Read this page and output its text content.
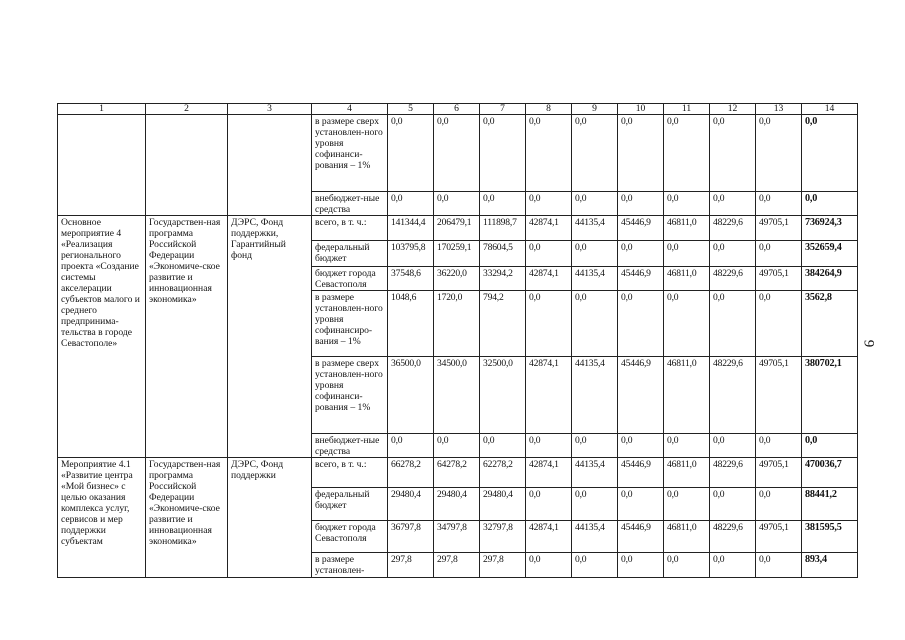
9
1	2	3	4	5	6	7	8	9	10	11	12	13	14
			в размере сверх установлен-ного уровня софинанси-рования – 1%	0,0	0,0	0,0	0,0	0,0	0,0	0,0	0,0	0,0	0,0
			внебюджет-ные средства	0,0	0,0	0,0	0,0	0,0	0,0	0,0	0,0	0,0	0,0
Основное мероприятие 4 «Реализация регионального проекта «Создание системы акселерации субъектов малого и среднего предпринима-тельства в городе Севастополе»	Государствен-ная программа Российской Федерации «Экономиче-ское развитие и инновационная экономика»	ДЭРС, Фонд поддержки, Гарантийный фонд	всего, в т. ч.:	141344,4	206479,1	111898,7	42874,1	44135,4	45446,9	46811,0	48229,6	49705,1	736924,3
			федеральный бюджет	103795,8	170259,1	78604,5	0,0	0,0	0,0	0,0	0,0	0,0	352659,4
			бюджет города Севастополя	37548,6	36220,0	33294,2	42874,1	44135,4	45446,9	46811,0	48229,6	49705,1	384264,9
			в размере установлен-ного уровня софинансиро-вания – 1%	1048,6	1720,0	794,2	0,0	0,0	0,0	0,0	0,0	0,0	3562,8
			в размере сверх установлен-ного уровня софинанси-рования – 1%	36500,0	34500,0	32500,0	42874,1	44135,4	45446,9	46811,0	48229,6	49705,1	380702,1
			внебюджет-ные средства	0,0	0,0	0,0	0,0	0,0	0,0	0,0	0,0	0,0	0,0
Мероприятие 4.1 «Развитие центра «Мой бизнес» с целью оказания комплекса услуг, сервисов и мер поддержки субъектам	Государствен-ная программа Российской Федерации «Экономиче-ское развитие и инновационная экономика»	ДЭРС, Фонд поддержки	всего, в т. ч.:	66278,2	64278,2	62278,2	42874,1	44135,4	45446,9	46811,0	48229,6	49705,1	470036,7
			федеральный бюджет	29480,4	29480,4	29480,4	0,0	0,0	0,0	0,0	0,0	0,0	88441,2
			бюджет города Севастополя	36797,8	34797,8	32797,8	42874,1	44135,4	45446,9	46811,0	48229,6	49705,1	381595,5
			в размере установлен-	297,8	297,8	297,8	0,0	0,0	0,0	0,0	0,0	0,0	893,4
